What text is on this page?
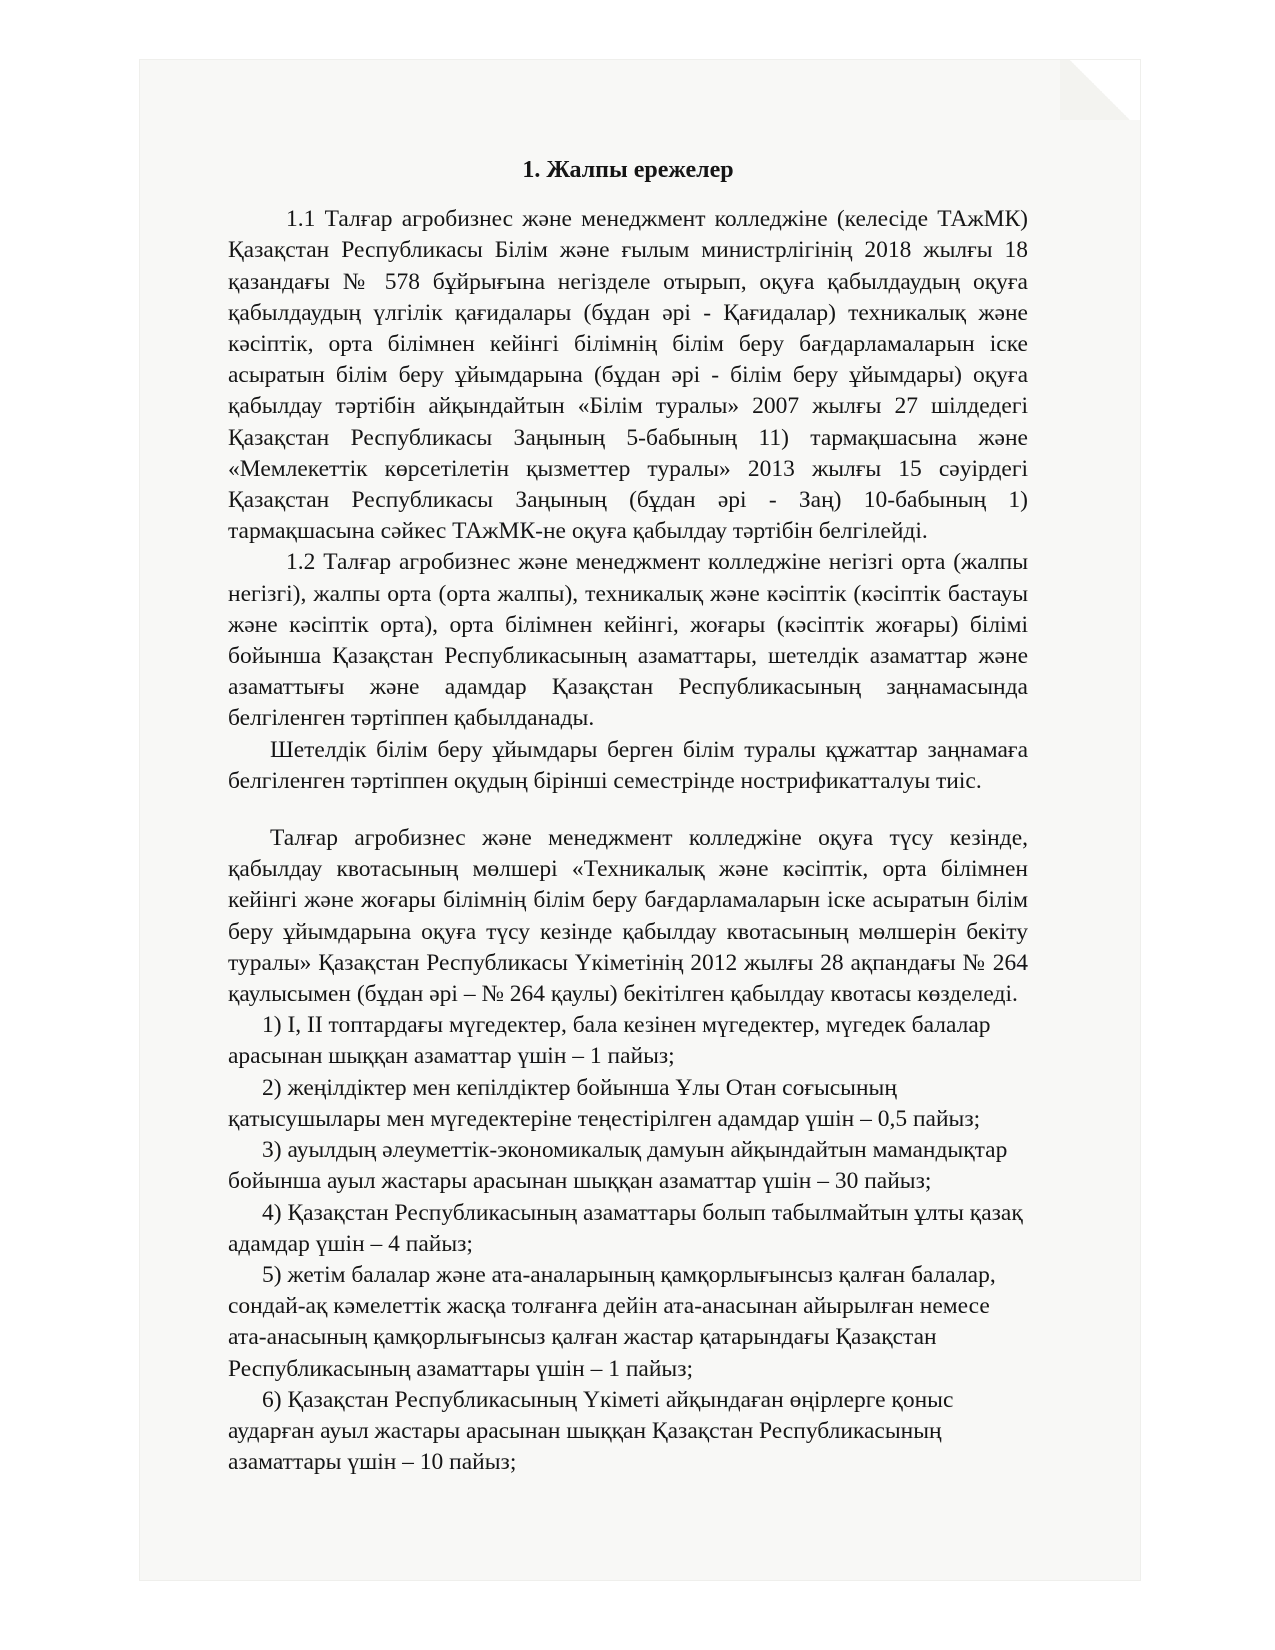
1. Жалпы ережелер

1.1 Талғар агробизнес және менеджмент колледжіне (келесіде ТАжМК) Қазақстан Республикасы Білім және ғылым министрлігінің 2018 жылғы 18 қазандағы № 578 бұйрығына негізделе отырып, оқуға қабылдаудың оқуға қабылдаудың үлгілік қағидалары (бұдан әрі - Қағидалар) техникалық және кәсіптік, орта білімнен кейінгі білімнің білім беру бағдарламаларын іске асыратын білім беру ұйымдарына (бұдан әрі - білім беру ұйымдары) оқуға қабылдау тәртібін айқындайтын «Білім туралы» 2007 жылғы 27 шілдедегі Қазақстан Республикасы Заңының 5-бабының 11) тармақшасына және «Мемлекеттік көрсетілетін қызметтер туралы» 2013 жылғы 15 сәуірдегі Қазақстан Республикасы Заңының (бұдан әрі - Заң) 10-бабының 1) тармақшасына сәйкес ТАжМК-не оқуға қабылдау тәртібін белгілейді.

1.2 Талғар агробизнес және менеджмент колледжіне негізгі орта (жалпы негізгі), жалпы орта (орта жалпы), техникалық және кәсіптік (кәсіптік бастауы және кәсіптік орта), орта білімнен кейінгі, жоғары (кәсіптік жоғары) білімі бойынша Қазақстан Республикасының азаматтары, шетелдік азаматтар және азаматтығы және адамдар Қазақстан Республикасының заңнамасында белгіленген тәртіппен қабылданады.

Шетелдік білім беру ұйымдары берген білім туралы құжаттар заңнамаға белгіленген тәртіппен оқудың бірінші семестрінде нострификатталуы тиіс.

Талғар агробизнес және менеджмент колледжіне оқуға түсу кезінде, қабылдау квотасының мөлшері «Техникалық және кәсіптік, орта білімнен кейінгі және жоғары білімнің білім беру бағдарламаларын іске асыратын білім беру ұйымдарына оқуға түсу кезінде қабылдау квотасының мөлшерін бекіту туралы» Қазақстан Республикасы Үкіметінің 2012 жылғы 28 ақпандағы № 264 қаулысымен (бұдан әрі – № 264 қаулы) бекітілген қабылдау квотасы көзделеді.

1) I, II топтардағы мүгедектер, бала кезінен мүгедектер, мүгедек балалар арасынан шыққан азаматтар үшін – 1 пайыз;

2) жеңілдіктер мен кепілдіктер бойынша Ұлы Отан соғысының қатысушылары мен мүгедектеріне теңестірілген адамдар үшін – 0,5 пайыз;

3) ауылдың әлеуметтік-экономикалық дамуын айқындайтын мамандықтар бойынша ауыл жастары арасынан шыққан азаматтар үшін – 30 пайыз;

4) Қазақстан Республикасының азаматтары болып табылмайтын ұлты қазақ адамдар үшін – 4 пайыз;

5) жетім балалар және ата-аналарының қамқорлығынсыз қалған балалар, сондай-ақ кәмелеттік жасқа толғанға дейін ата-анасынан айырылған немесе ата-анасының қамқорлығынсыз қалған жастар қатарындағы Қазақстан Республикасының азаматтары үшін – 1 пайыз;

6) Қазақстан Республикасының Үкіметі айқындаған өңірлерге қоныс аударған ауыл жастары арасынан шыққан Қазақстан Республикасының азаматтары үшін – 10 пайыз;
